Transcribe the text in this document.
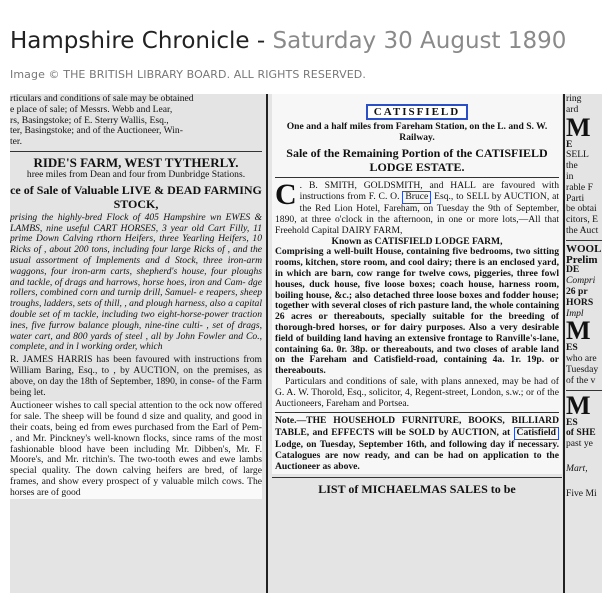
Hampshire Chronicle - Saturday 30 August 1890
Image © THE BRITISH LIBRARY BOARD. ALL RIGHTS RESERVED.

rticulars and conditions of sale may be obtained

e place of sale; of Messrs. Webb and Lear,

rs, Basingstoke; of E. Sterry Wallis, Esq.,

ter, Basingstoke; and of the Auctioneer, Win-

ter.

RIDE'S FARM, WEST TYTHERLY.

hree miles from Dean and four from Dunbridge Stations.

ce of Sale of Valuable LIVE & DEAD FARMING STOCK,

prising the highly-bred Flock of 405 Hampshire wn EWES & LAMBS, nine useful CART HORSES, 3 year old Cart Filly, 11 prime Down Calving rthorn Heifers, three Yearling Heifers, 10 Ricks of , about 200 tons, including four large Ricks of , and the usual assortment of Implements and d Stock, three iron-arm waggons, four iron-arm carts, shepherd's house, four ploughs and tackle, of drags and harrows, horse hoes, iron and Cam- dge rollers, combined corn and turnip drill, Samuel- e reapers, sheep troughs, ladders, sets of thill, , and plough harness, also a capital double set of m tackle, including two eight-horse-power traction ines, five furrow balance plough, nine-tine culti- , set of drags, water cart, and 800 yards of steel , all by John Fowler and Co., complete, and in l working order, which

R. JAMES HARRIS has been favoured with instructions from William Baring, Esq., to , by AUCTION, on the premises, as above, on day the 18th of September, 1890, in conse- of the Farm being let.

Auctioneer wishes to call special attention to the ock now offered for sale. The sheep will be found d size and quality, and good in their coats, being ed from ewes purchased from the Earl of Pem- , and Mr. Pinckney's well-known flocks, since rams of the most fashionable blood have been including Mr. Dibben's, Mr. F. Moore's, and Mr. ritchin's. The two-tooth ewes and ewe lambs special quality. The down calving heifers are bred, of large frames, and show every prospect of y valuable milch cows. The horses are of good

CATISFIELD

One and a half miles from Fareham Station, on the L. and S. W. Railway.

Sale of the Remaining Portion of the CATISFIELD LODGE ESTATE.

C . B. SMITH, GOLDSMITH, and HALL are favoured with instructions from F. C. O. Bruce Esq., to SELL by AUCTION, at the Red Lion Hotel, Fareham, on Tuesday the 9th of September, 1890, at three o'clock in the afternoon, in one or more lots,—All that Freehold Capital DAIRY FARM,

Known as CATISFIELD LODGE FARM,

Comprising a well-built House, containing five bedrooms, two sitting rooms, kitchen, store room, and cool dairy; there is an enclosed yard, in which are barn, cow range for twelve cows, piggeries, three fowl houses, duck house, five loose boxes; coach house, harness room, boiling house, &c.; also detached three loose boxes and fodder house; together with several closes of rich pasture land, the whole containing 26 acres or thereabouts, specially suitable for the breeding of thorough-bred horses, or for dairy purposes. Also a very desirable field of building land having an extensive frontage to Ranville's-lane, containing 6a. 0r. 38p. or thereabouts, and two closes of arable land on the Fareham and Catisfield-road, containing 4a. 1r. 19p. or thereabouts.

Particulars and conditions of sale, with plans annexed, may be had of G. A. W. Thorold, Esq., solicitor, 4, Regent-street, London, s.w.; or of the Auctioneers, Fareham and Portsea.

Note.—THE HOUSEHOLD FURNITURE, BOOKS, BILLIARD TABLE, and EFFECTS will be SOLD by AUCTION, at Catisfield Lodge, on Tuesday, September 16th, and following day if necessary. Catalogues are now ready, and can be had on application to the Auctioneer as above.

LIST of MICHAELMAS SALES to be

ring

ard

M

E

SELL

the

in

rable F

Parti

be obtai

citors, E

the Auct

WOOL

Prelim

DE

Compri

26 pr

HORS

Impl

M

ES

who are

Tuesday

of the v

M

ES

of SHE

past ye

Mart,

Five Mi
